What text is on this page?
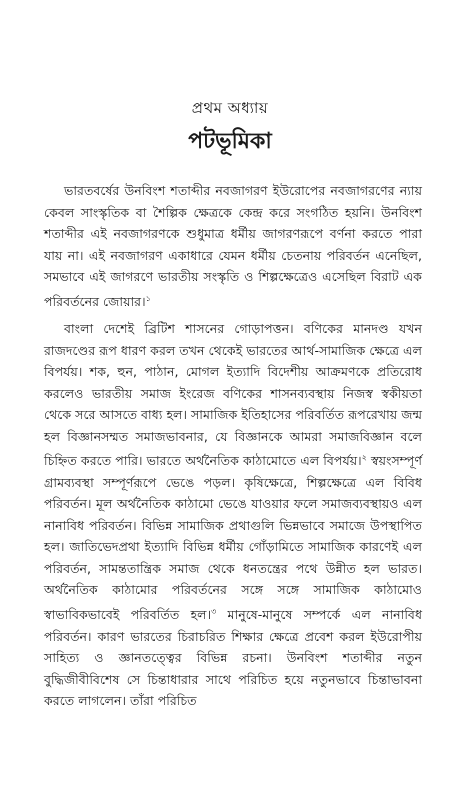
প্রথম অধ্যায়
পটভূমিকা

ভারতবর্ষের উনবিংশ শতাব্দীর নবজাগরণ ইউরোপের নবজাগরণের ন্যায় কেবল সাংস্কৃতিক বা শৈল্পিক ক্ষেত্রকে কেন্দ্র করে সংগঠিত হয়নি। উনবিংশ শতাব্দীর এই নবজাগরণকে শুধুমাত্র ধর্মীয় জাগরণরূপে বর্ণনা করতে পারা যায় না। এই নবজাগরণ একাধারে যেমন ধর্মীয় চেতনায় পরিবর্তন এনেছিল, সমভাবে এই জাগরণে ভারতীয় সংস্কৃতি ও শিল্পক্ষেত্রেও এসেছিল বিরাট এক পরিবর্তনের জোয়ার।$^১$

বাংলা দেশেই ব্রিটিশ শাসনের গোড়াপত্তন। বণিকের মানদণ্ড যখন রাজদণ্ডের রূপ ধারণ করল তখন থেকেই ভারতের আর্থ-সামাজিক ক্ষেত্রে এল বিপর্যয়। শক, হুন, পাঠান, মোগল ইত্যাদি বিদেশীয় আক্রমণকে প্রতিরোধ করলেও ভারতীয় সমাজ ইংরেজ বণিকের শাসনব্যবস্থায় নিজস্ব স্বকীয়তা থেকে সরে আসতে বাধ্য হল। সামাজিক ইতিহাসের পরিবর্তিত রূপরেখায় জন্ম হল বিজ্ঞানসম্মত সমাজভাবনার, যে বিজ্ঞানকে আমরা সমাজবিজ্ঞান বলে চিহ্নিত করতে পারি। ভারতে অর্থনৈতিক কাঠামোতে এল বিপর্যয়।$^২$ স্বয়ংসম্পূর্ণ গ্রামব্যবস্থা সম্পূর্ণরূপে ভেঙে পড়ল। কৃষিক্ষেত্রে, শিল্পক্ষেত্রে এল বিবিধ পরিবর্তন। মূল অর্থনৈতিক কাঠামো ভেঙে যাওয়ার ফলে সমাজব্যবস্থায়ও এল নানাবিধ পরিবর্তন। বিভিন্ন সামাজিক প্রথাগুলি ভিন্নভাবে সমাজে উপস্থাপিত হল। জাতিভেদপ্রথা ইত্যাদি বিভিন্ন ধর্মীয় গোঁড়ামিতে সামাজিক কারণেই এল পরিবর্তন, সামন্ততান্ত্রিক সমাজ থেকে ধনতন্ত্রের পথে উন্নীত হল ভারত। অর্থনৈতিক কাঠামোর পরিবর্তনের সঙ্গে সঙ্গে সামাজিক কাঠামোও স্বাভাবিকভাবেই পরিবর্তিত হল।$^৩$ মানুষে-মানুষে সম্পর্কে এল নানাবিধ পরিবর্তন। কারণ ভারতের চিরাচরিত শিক্ষার ক্ষেত্রে প্রবেশ করল ইউরোপীয় সাহিত্য ও জ্ঞানতত্ত্বের বিভিন্ন রচনা। উনবিংশ শতাব্দীর নতুন বুদ্ধিজীবীবিশেষ সে চিন্তাধারার সাথে পরিচিত হয়ে নতুনভাবে চিন্তাভাবনা করতে লাগলেন। তাঁরা পরিচিত
